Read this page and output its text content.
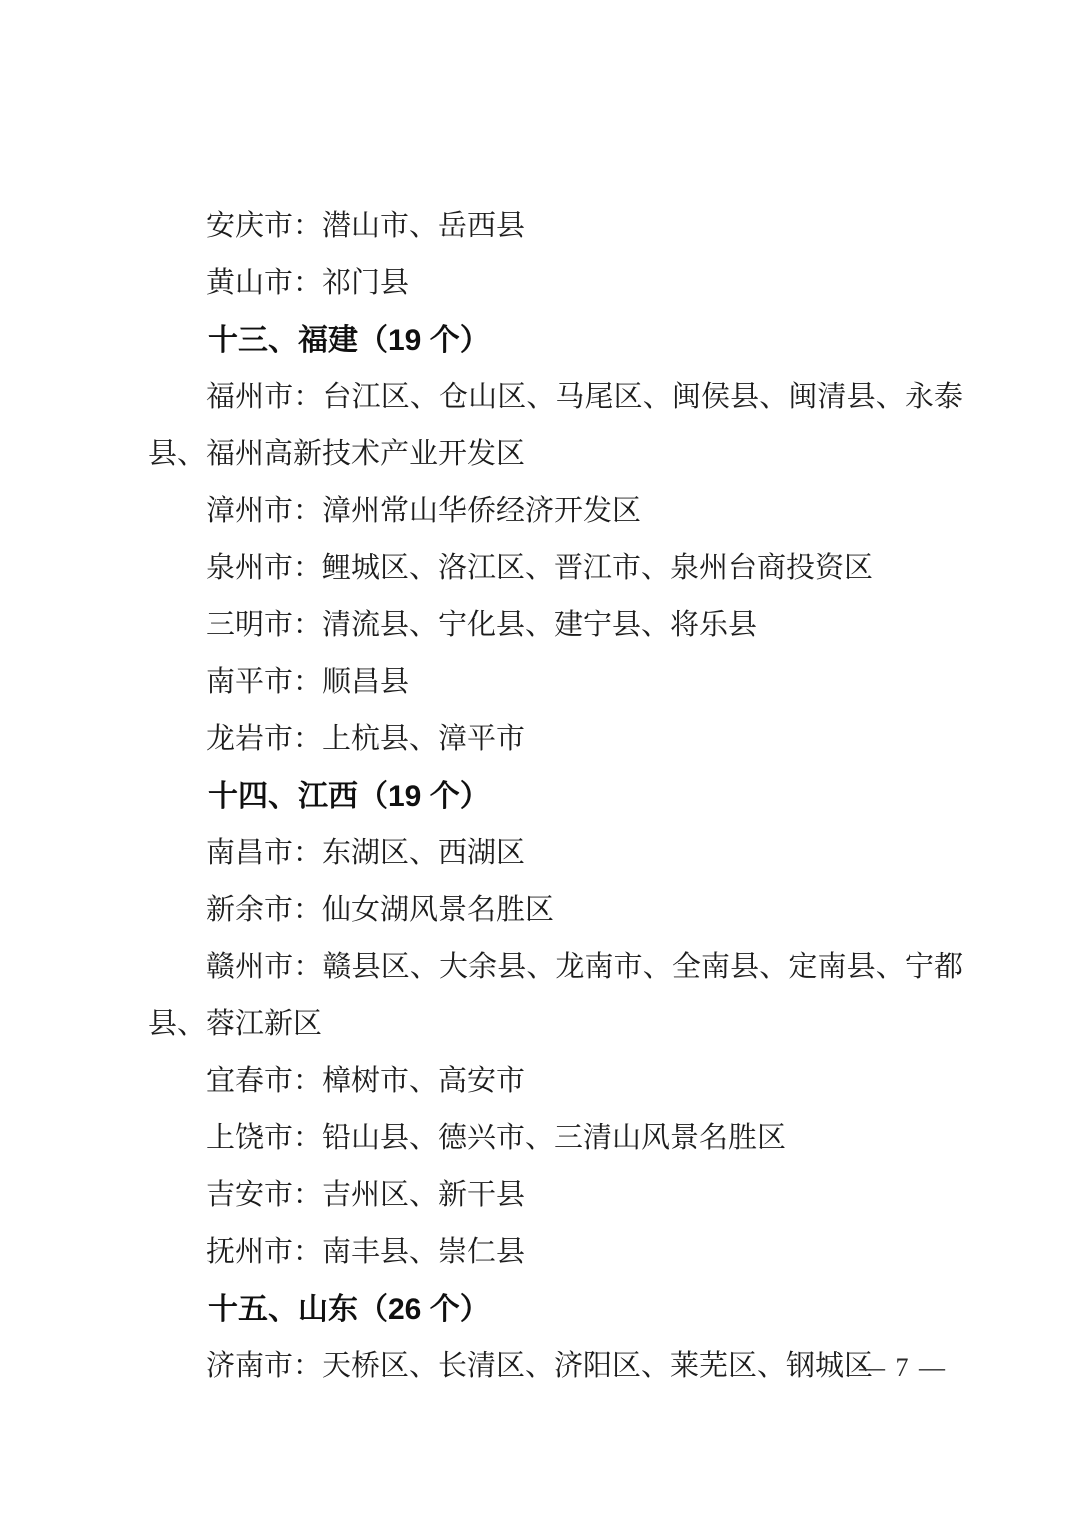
安庆市：潜山市、岳西县

黄山市：祁门县

十三、福建（19 个）

福州市：台江区、仓山区、马尾区、闽侯县、闽清县、永泰县、福州高新技术产业开发区

漳州市：漳州常山华侨经济开发区

泉州市：鲤城区、洛江区、晋江市、泉州台商投资区

三明市：清流县、宁化县、建宁县、将乐县

南平市：顺昌县

龙岩市：上杭县、漳平市

十四、江西（19 个）

南昌市：东湖区、西湖区

新余市：仙女湖风景名胜区

赣州市：赣县区、大余县、龙南市、全南县、定南县、宁都县、蓉江新区

宜春市：樟树市、高安市

上饶市：铅山县、德兴市、三清山风景名胜区

吉安市：吉州区、新干县

抚州市：南丰县、崇仁县

十五、山东（26 个）

济南市：天桥区、长清区、济阳区、莱芜区、钢城区

— 7 —
